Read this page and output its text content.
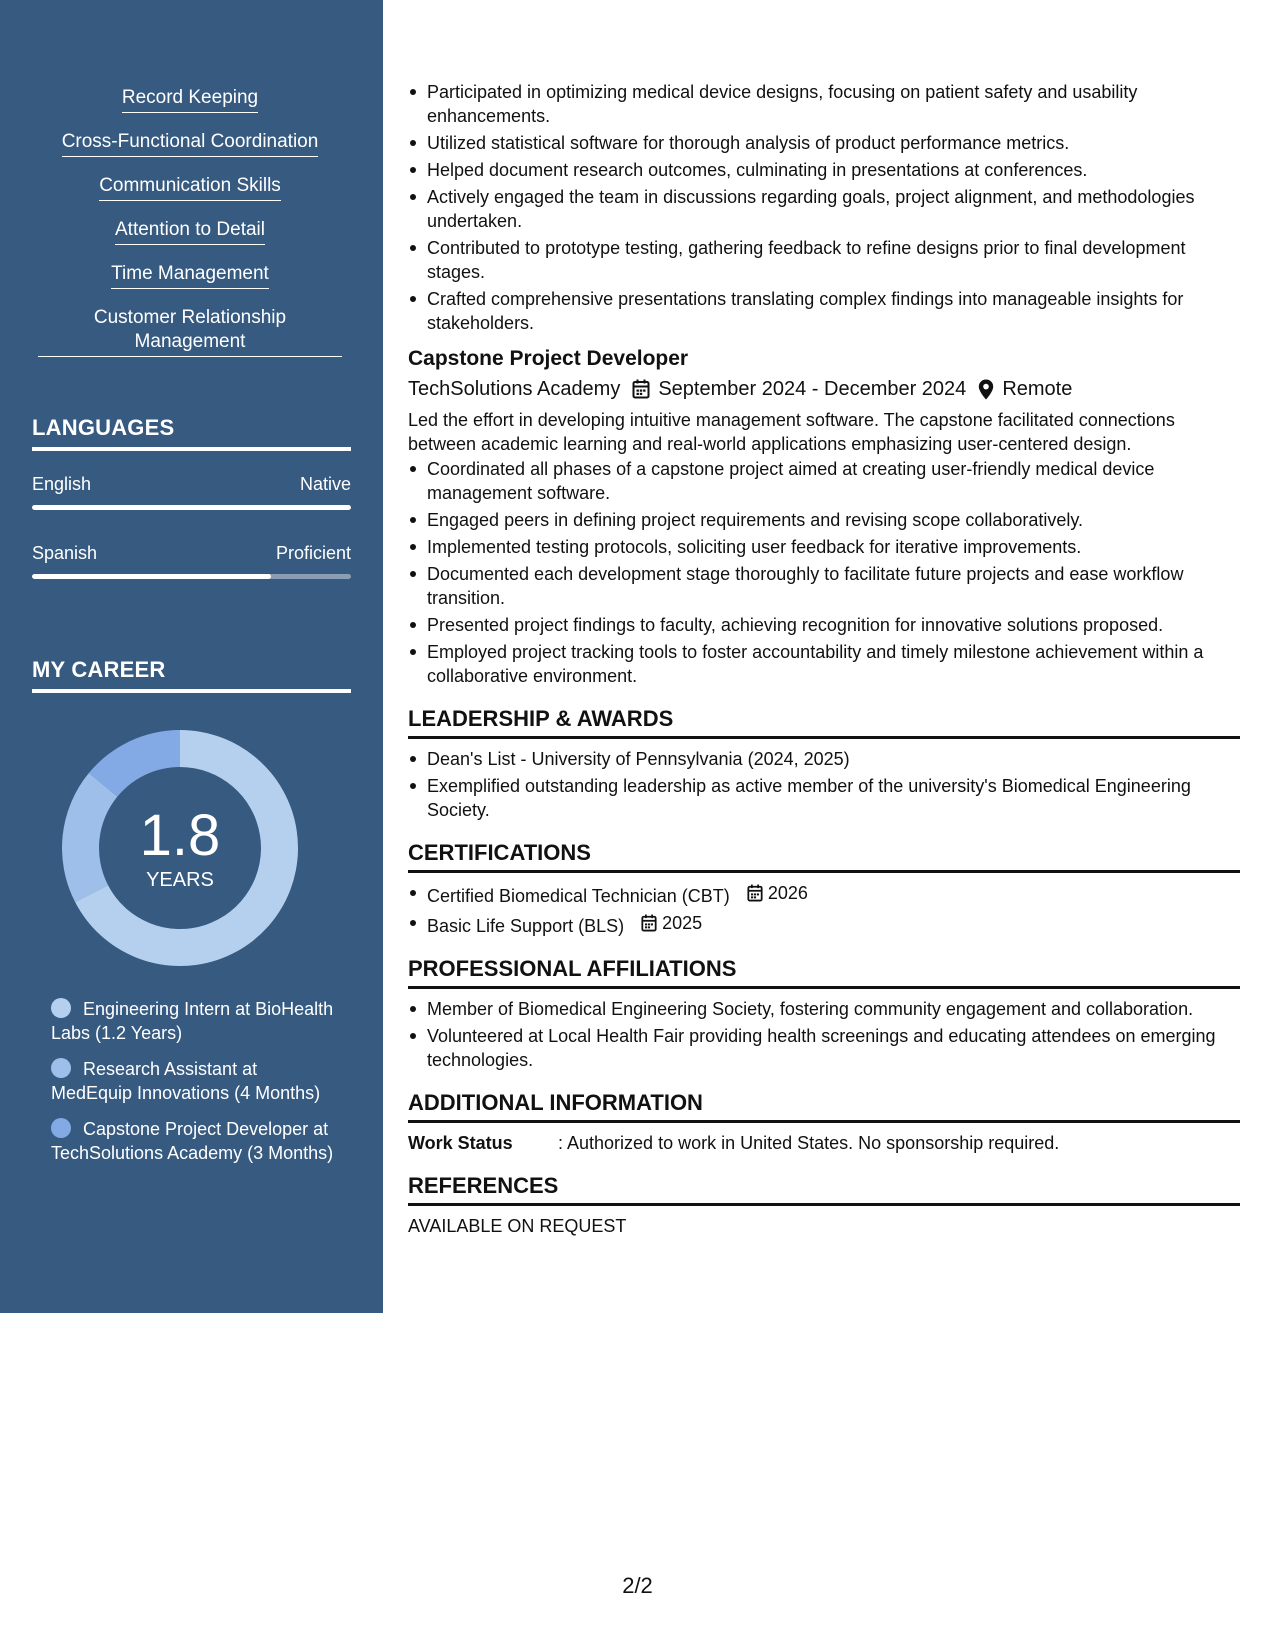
Record Keeping
Cross-Functional Coordination
Communication Skills
Attention to Detail
Time Management
Customer Relationship Management
LANGUAGES
English	Native
Spanish	Proficient
MY CAREER
1.8
YEARS
Engineering Intern at BioHealth Labs (1.2 Years)
Research Assistant at MedEquip Innovations (4 Months)
Capstone Project Developer at TechSolutions Academy (3 Months)
Participated in optimizing medical device designs, focusing on patient safety and usability enhancements.
Utilized statistical software for thorough analysis of product performance metrics.
Helped document research outcomes, culminating in presentations at conferences.
Actively engaged the team in discussions regarding goals, project alignment, and methodologies undertaken.
Contributed to prototype testing, gathering feedback to refine designs prior to final development stages.
Crafted comprehensive presentations translating complex findings into manageable insights for stakeholders.
Capstone Project Developer
TechSolutions Academy September 2024 - December 2024 Remote
Led the effort in developing intuitive management software. The capstone facilitated connections between academic learning and real-world applications emphasizing user-centered design.
Coordinated all phases of a capstone project aimed at creating user-friendly medical device management software.
Engaged peers in defining project requirements and revising scope collaboratively.
Implemented testing protocols, soliciting user feedback for iterative improvements.
Documented each development stage thoroughly to facilitate future projects and ease workflow transition.
Presented project findings to faculty, achieving recognition for innovative solutions proposed.
Employed project tracking tools to foster accountability and timely milestone achievement within a collaborative environment.
LEADERSHIP & AWARDS
Dean's List - University of Pennsylvania (2024, 2025)
Exemplified outstanding leadership as active member of the university's Biomedical Engineering Society.
CERTIFICATIONS
Certified Biomedical Technician (CBT) 2026
Basic Life Support (BLS) 2025
PROFESSIONAL AFFILIATIONS
Member of Biomedical Engineering Society, fostering community engagement and collaboration.
Volunteered at Local Health Fair providing health screenings and educating attendees on emerging technologies.
ADDITIONAL INFORMATION
Work Status	: Authorized to work in United States. No sponsorship required.
REFERENCES
AVAILABLE ON REQUEST
2/2
